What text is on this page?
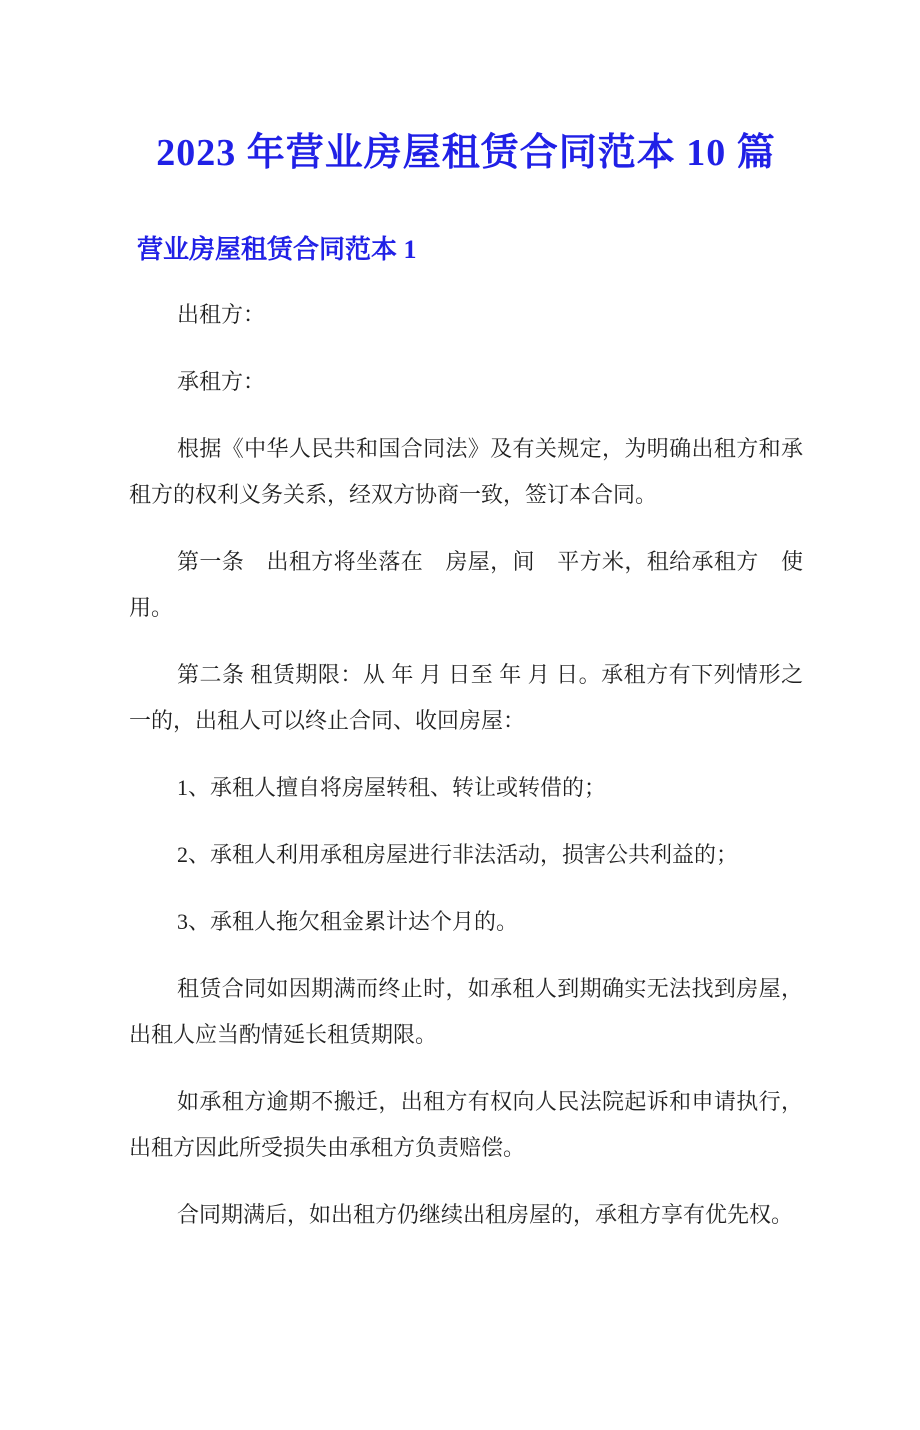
2023 年营业房屋租赁合同范本 10 篇
营业房屋租赁合同范本 1

出租方：

承租方：

根据《中华人民共和国合同法》及有关规定，为明确出租方和承租方的权利义务关系，经双方协商一致，签订本合同。

第一条　出租方将坐落在　房屋，间　平方米，租给承租方　使用。

第二条 租赁期限：从 年 月 日至 年 月 日。承租方有下列情形之一的，出租人可以终止合同、收回房屋：

1、承租人擅自将房屋转租、转让或转借的；

2、承租人利用承租房屋进行非法活动，损害公共利益的；

3、承租人拖欠租金累计达个月的。

租赁合同如因期满而终止时，如承租人到期确实无法找到房屋，出租人应当酌情延长租赁期限。

如承租方逾期不搬迁，出租方有权向人民法院起诉和申请执行，出租方因此所受损失由承租方负责赔偿。

合同期满后，如出租方仍继续出租房屋的，承租方享有优先权。
